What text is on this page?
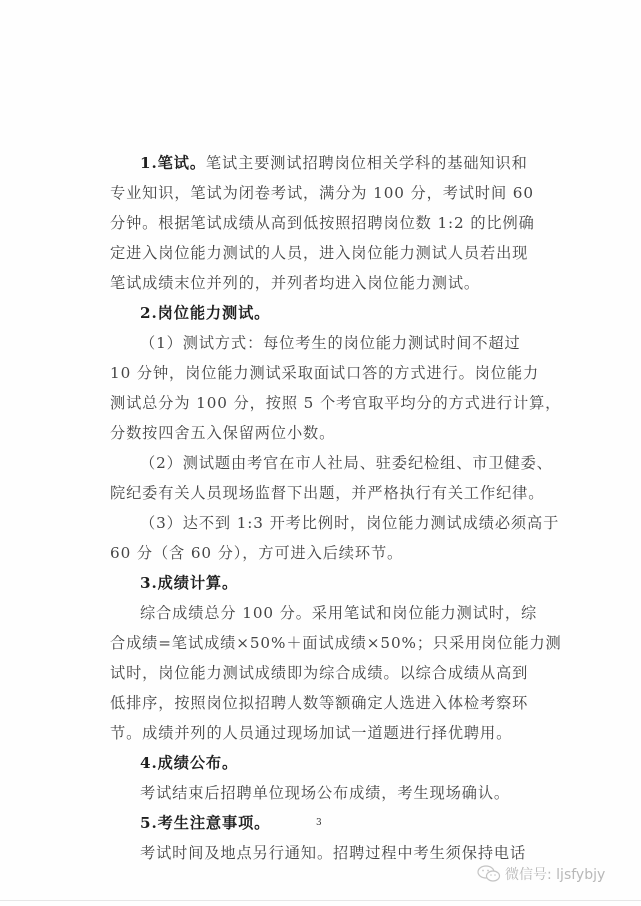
1.笔试。笔试主要测试招聘岗位相关学科的基础知识和
专业知识，笔试为闭卷考试，满分为 100 分，考试时间 60
分钟。根据笔试成绩从高到低按照招聘岗位数 1:2 的比例确
定进入岗位能力测试的人员，进入岗位能力测试人员若出现
笔试成绩末位并列的，并列者均进入岗位能力测试。
2.岗位能力测试。
（1）测试方式：每位考生的岗位能力测试时间不超过
10 分钟，岗位能力测试采取面试口答的方式进行。岗位能力
测试总分为 100 分，按照 5 个考官取平均分的方式进行计算，
分数按四舍五入保留两位小数。
（2）测试题由考官在市人社局、驻委纪检组、市卫健委、
院纪委有关人员现场监督下出题，并严格执行有关工作纪律。
（3）达不到 1:3 开考比例时，岗位能力测试成绩必须高于
60 分（含 60 分），方可进入后续环节。
3.成绩计算。
综合成绩总分 100 分。采用笔试和岗位能力测试时，综
合成绩=笔试成绩×50%＋面试成绩×50%；只采用岗位能力测
试时，岗位能力测试成绩即为综合成绩。以综合成绩从高到
低排序，按照岗位拟招聘人数等额确定人选进入体检考察环
节。成绩并列的人员通过现场加试一道题进行择优聘用。
4.成绩公布。
考试结束后招聘单位现场公布成绩，考生现场确认。
5.考生注意事项。
考试时间及地点另行通知。招聘过程中考生须保持电话
3
微信号: ljsfybjy
